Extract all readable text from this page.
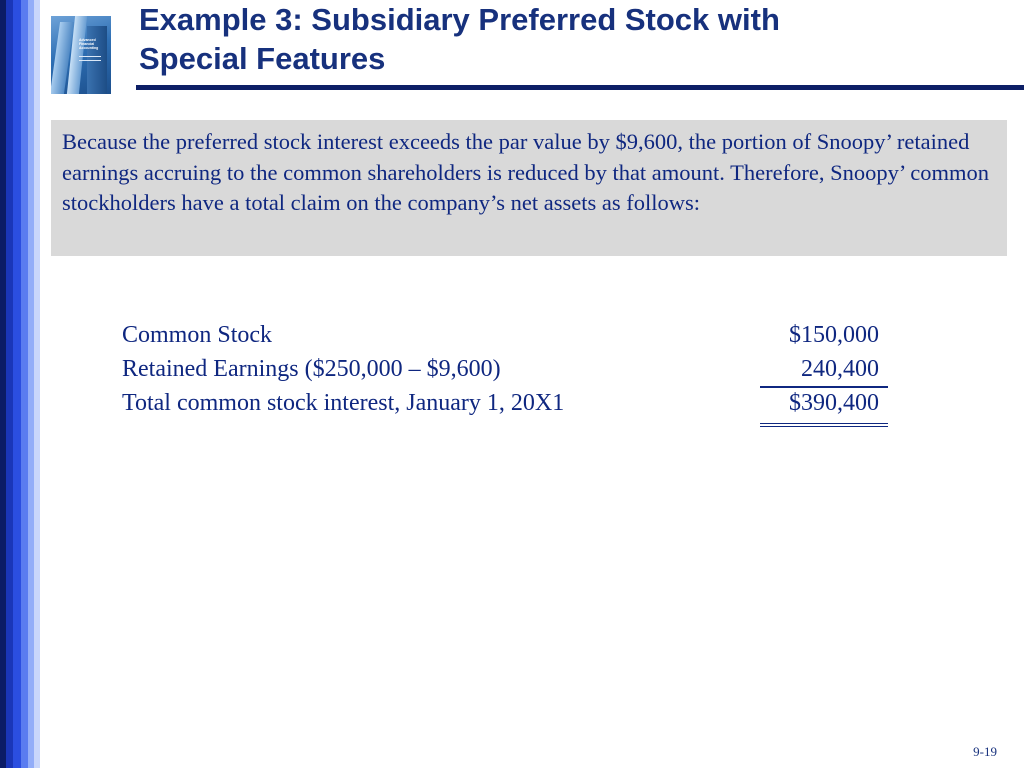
Advanced
Financial
Accounting
Example 3: Subsidiary Preferred Stock with
Special Features
Because the preferred stock interest exceeds the par value by $9,600, the portion of Snoopy’ retained earnings accruing to the common shareholders is reduced by that amount. Therefore, Snoopy’ common stockholders have a total claim on the company’s net assets as follows:
Common Stock	$150,000
Retained Earnings ($250,000 – $9,600)	240,400
Total common stock interest, January 1, 20X1	$390,400
9-19
